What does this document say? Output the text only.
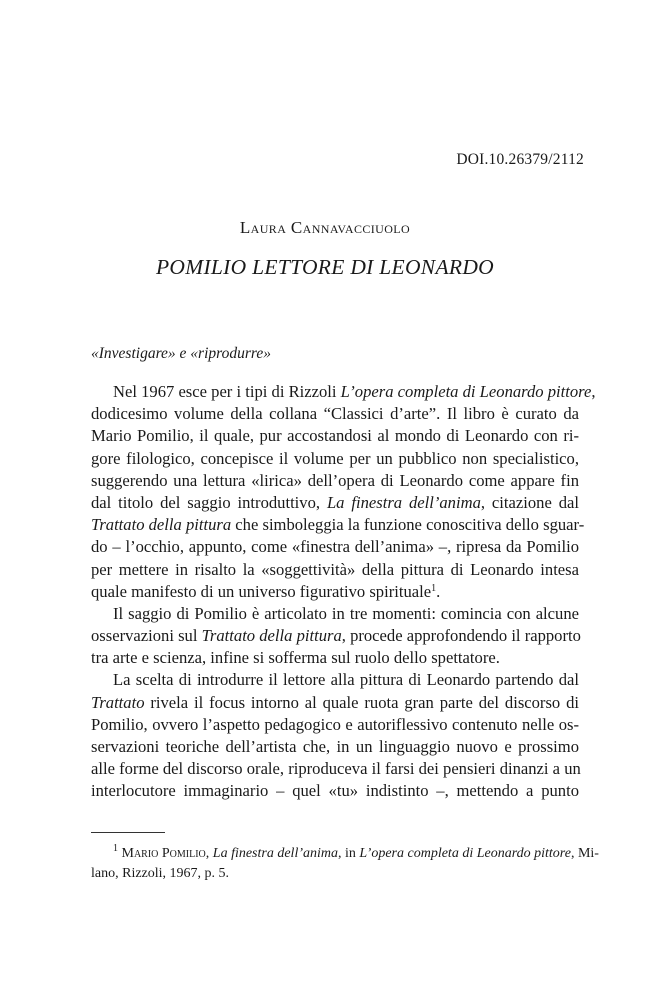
DOI.10.26379/2112
Laura Cannavacciuolo
POMILIO LETTORE DI LEONARDO
«Investigare» e «riprodurre»
Nel 1967 esce per i tipi di Rizzoli L’opera completa di Leonardo pittore,
dodicesimo volume della collana “Classici d’arte”. Il libro è curato da
Mario Pomilio, il quale, pur accostandosi al mondo di Leonardo con ri-
gore filologico, concepisce il volume per un pubblico non specialistico,
suggerendo una lettura «lirica» dell’opera di Leonardo come appare fin
dal titolo del saggio introduttivo, La finestra dell’anima, citazione dal
Trattato della pittura che simboleggia la funzione conoscitiva dello sguar-
do – l’occhio, appunto, come «finestra dell’anima» –, ripresa da Pomilio
per mettere in risalto la «soggettività» della pittura di Leonardo intesa
quale manifesto di un universo figurativo spirituale$^1$.
Il saggio di Pomilio è articolato in tre momenti: comincia con alcune
osservazioni sul Trattato della pittura, procede approfondendo il rapporto
tra arte e scienza, infine si sofferma sul ruolo dello spettatore.
La scelta di introdurre il lettore alla pittura di Leonardo partendo dal
Trattato rivela il focus intorno al quale ruota gran parte del discorso di
Pomilio, ovvero l’aspetto pedagogico e autoriflessivo contenuto nelle os-
servazioni teoriche dell’artista che, in un linguaggio nuovo e prossimo
alle forme del discorso orale, riproduceva il farsi dei pensieri dinanzi a un
interlocutore immaginario – quel «tu» indistinto –, mettendo a punto
$^1$ Mario Pomilio, La finestra dell’anima, in L’opera completa di Leonardo pittore, Mi-
lano, Rizzoli, 1967, p. 5.
